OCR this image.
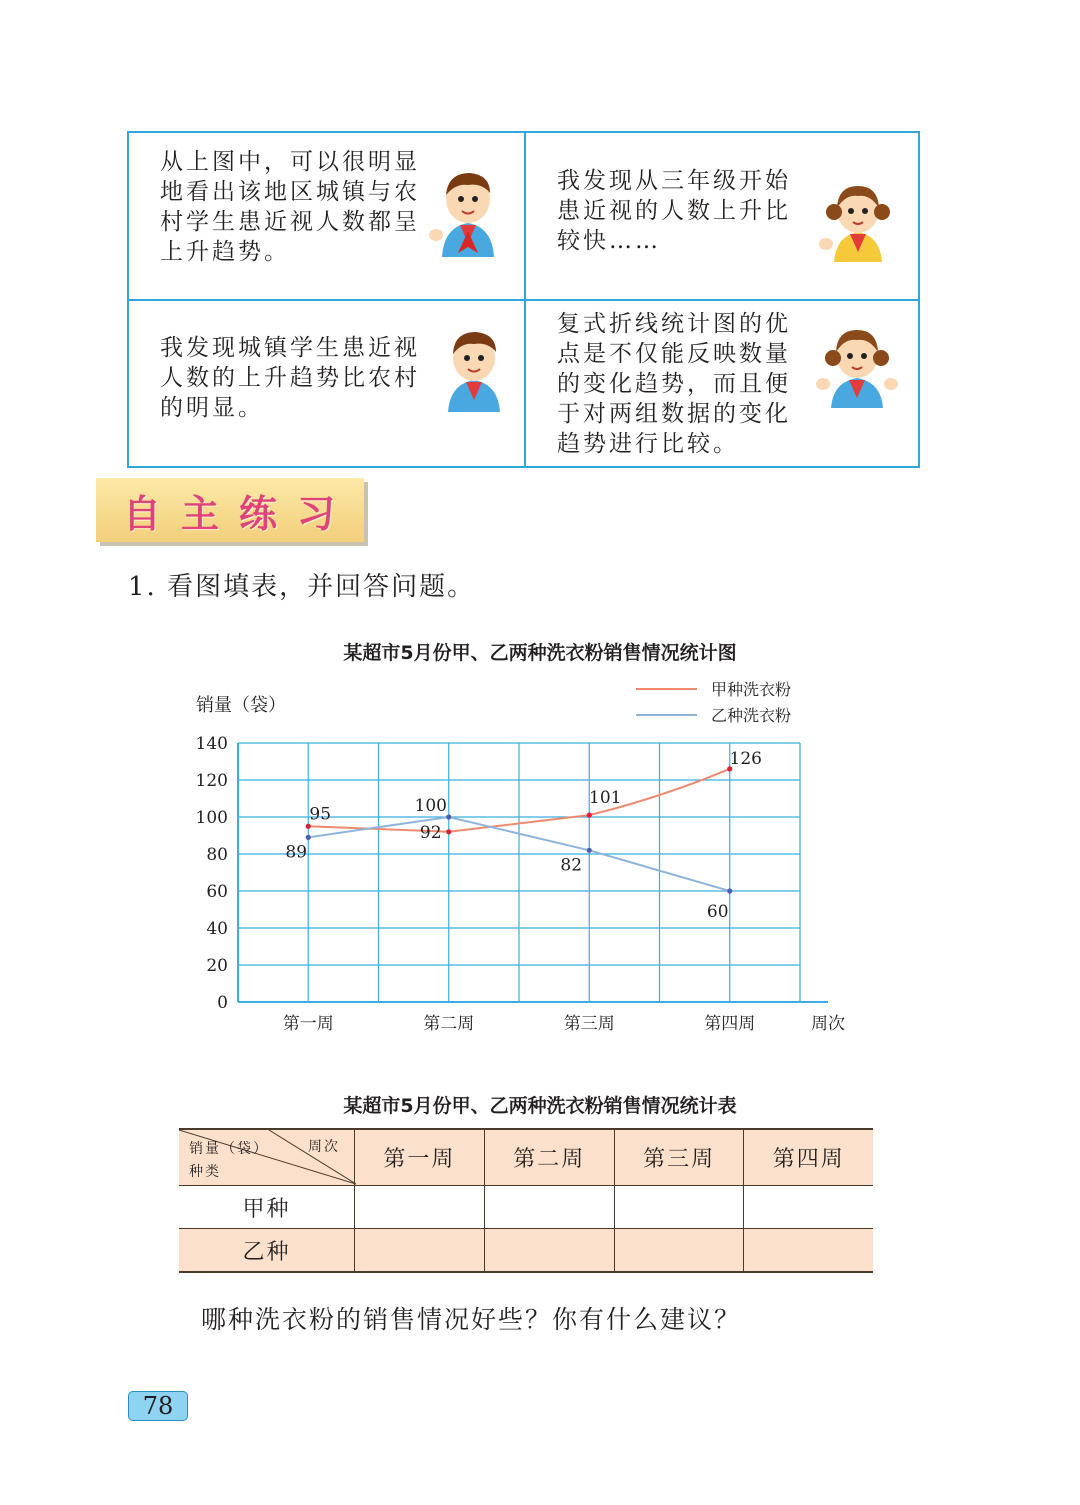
从上图中，可以很明显
地看出该地区城镇与农
村学生患近视人数都呈
上升趋势。
我发现从三年级开始
患近视的人数上升比
较快……
我发现城镇学生患近视
人数的上升趋势比农村
的明显。
复式折线统计图的优
点是不仅能反映数量
的变化趋势，而且便
于对两组数据的变化
趋势进行比较。
自主练习
1. 看图填表，并回答问题。
某超市5月份甲、乙两种洗衣粉销售情况统计图
销量（袋）
周次
甲种洗衣粉
乙种洗衣粉
0
20
40
60
80
100
120
140
第一周	第二周	第三周	第四周
95
92
101
126
89
100
82
60
某超市5月份甲、乙两种洗衣粉销售情况统计表
周次
销量（袋）
种类	第一周	第二周	第三周	第四周
甲种				
乙种				
哪种洗衣粉的销售情况好些？你有什么建议？
78
